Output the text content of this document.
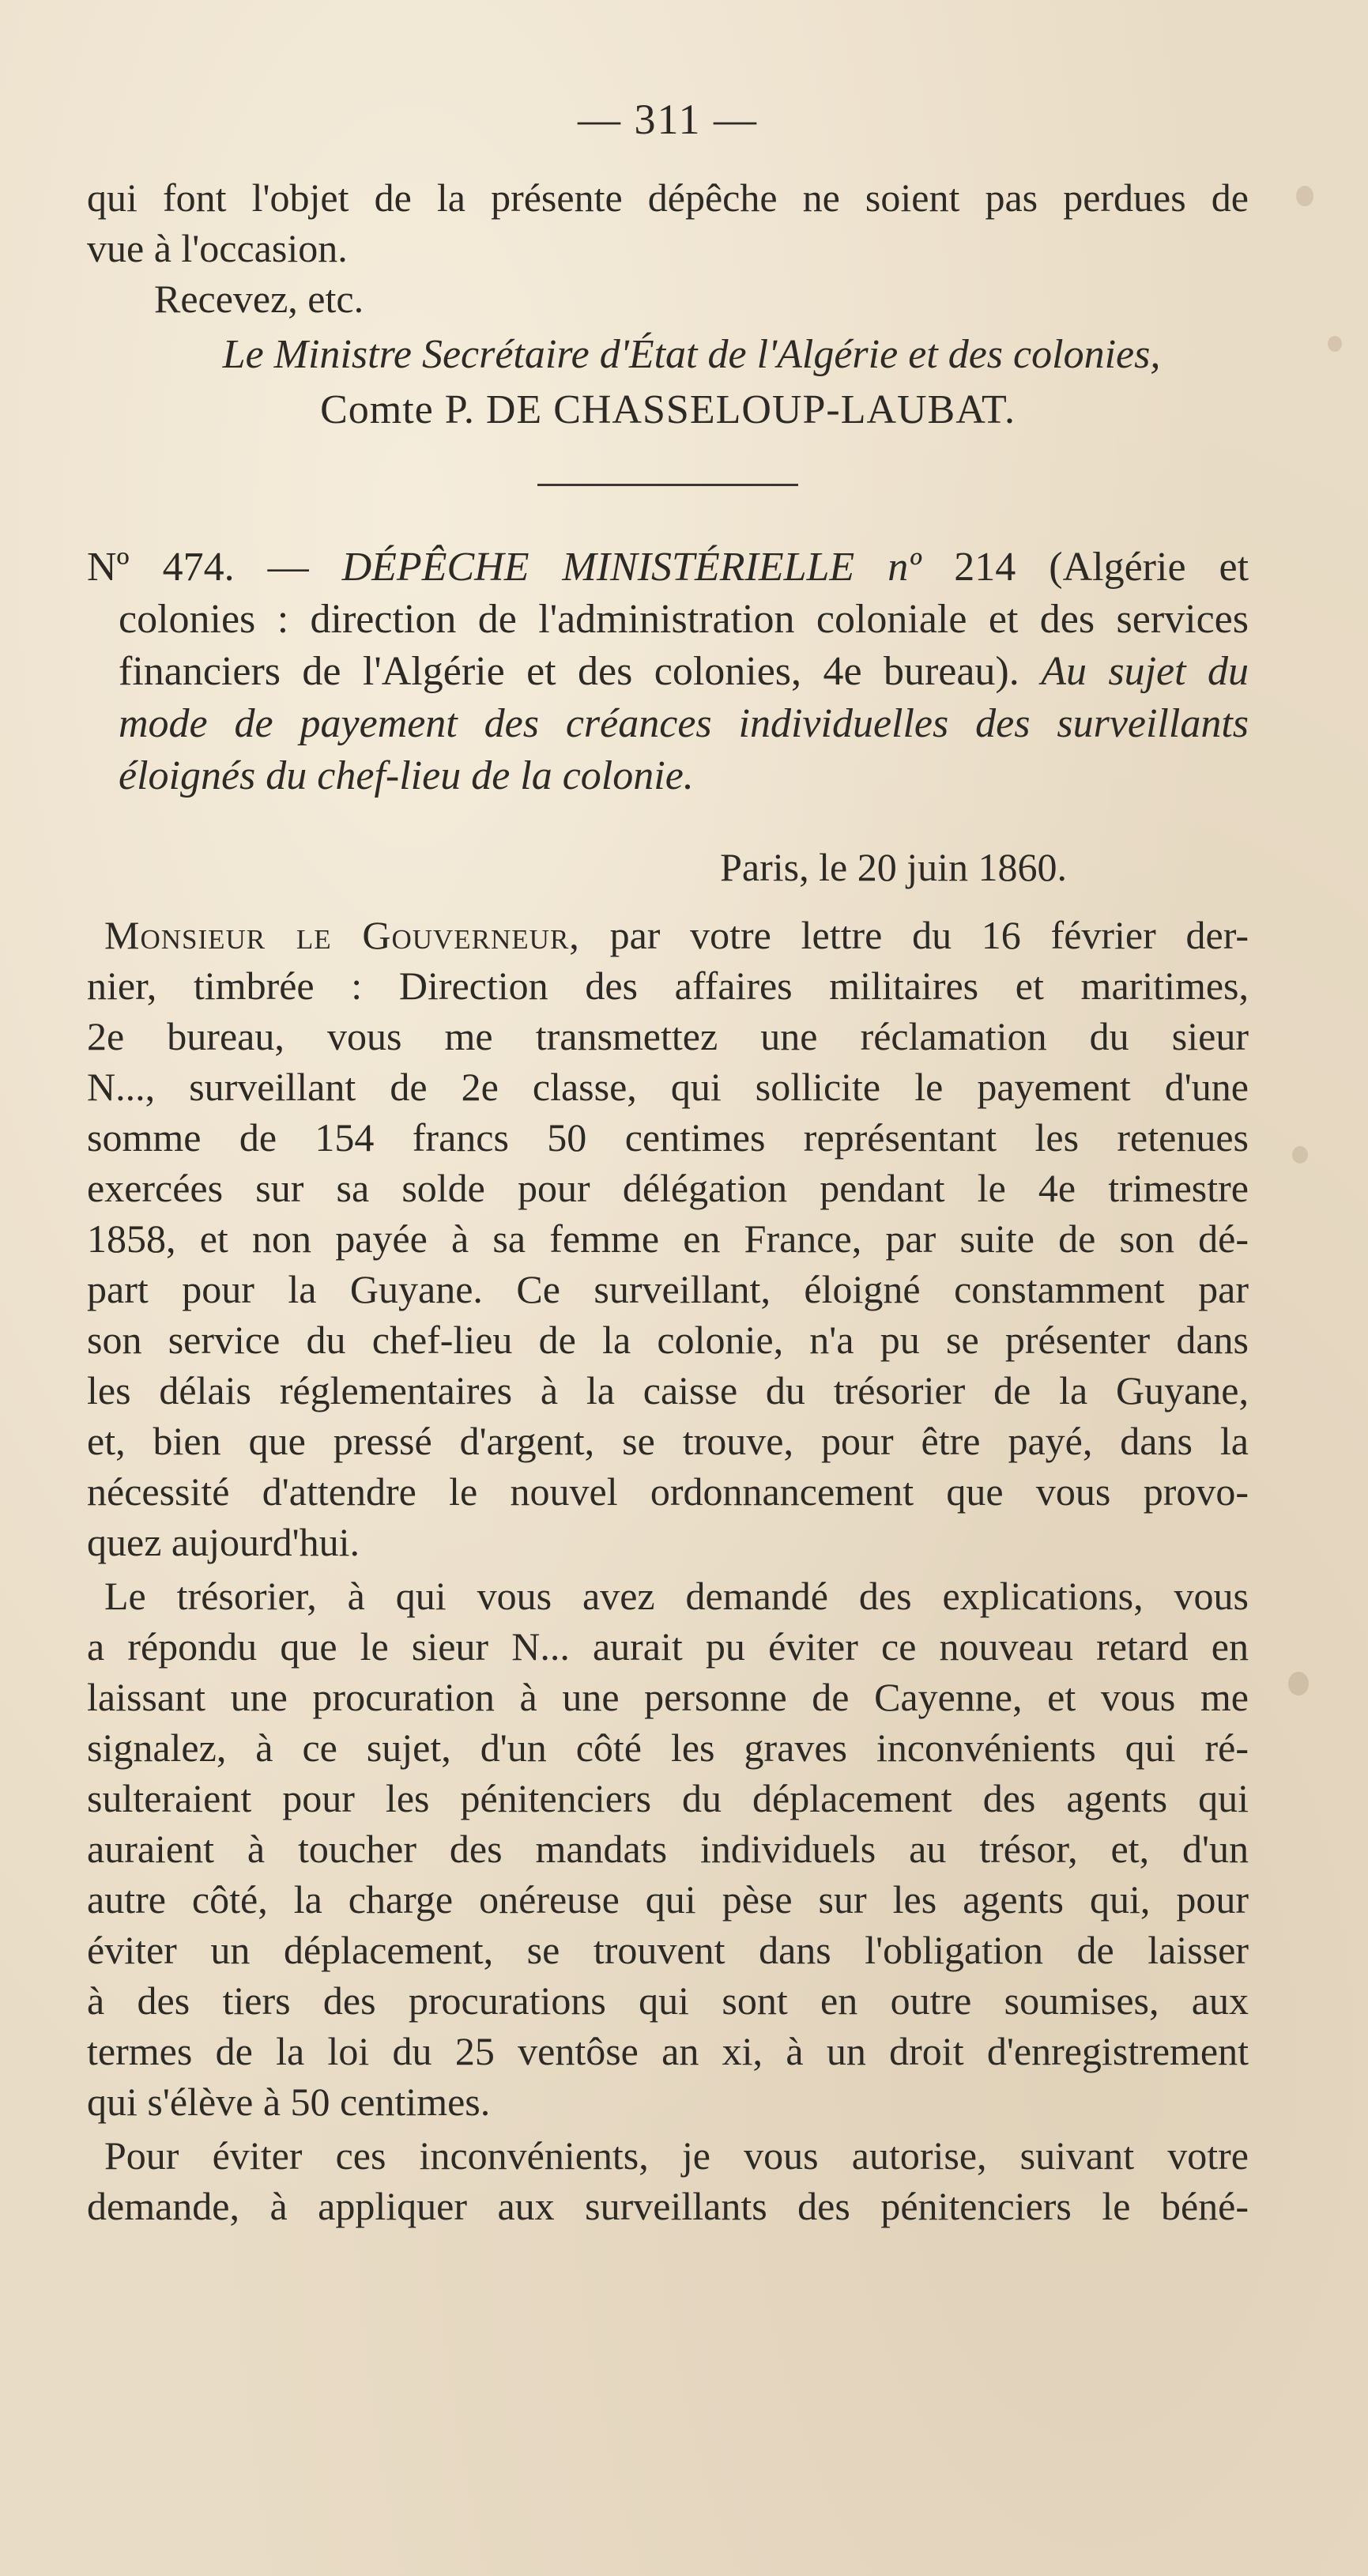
— 311 —
qui font l'objet de la présente dépêche ne soient pas perdues de
vue à l'occasion.
Recevez, etc.
Le Ministre Secrétaire d'État de l'Algérie et des colonies,
Comte P. DE CHASSELOUP-LAUBAT.
Nº 474. — DÉPÊCHE MINISTÉRIELLE nº 214 (Algérie et
colonies : direction de l'administration coloniale et des services
financiers de l'Algérie et des colonies, 4e bureau). Au sujet du
mode de payement des créances individuelles des surveillants
éloignés du chef-lieu de la colonie.
Paris, le 20 juin 1860.
Monsieur le Gouverneur, par votre lettre du 16 février der-
nier, timbrée : Direction des affaires militaires et maritimes,
2e bureau, vous me transmettez une réclamation du sieur
N..., surveillant de 2e classe, qui sollicite le payement d'une
somme de 154 francs 50 centimes représentant les retenues
exercées sur sa solde pour délégation pendant le 4e trimestre
1858, et non payée à sa femme en France, par suite de son dé-
part pour la Guyane. Ce surveillant, éloigné constamment par
son service du chef-lieu de la colonie, n'a pu se présenter dans
les délais réglementaires à la caisse du trésorier de la Guyane,
et, bien que pressé d'argent, se trouve, pour être payé, dans la
nécessité d'attendre le nouvel ordonnancement que vous provo-
quez aujourd'hui.
Le trésorier, à qui vous avez demandé des explications, vous
a répondu que le sieur N... aurait pu éviter ce nouveau retard en
laissant une procuration à une personne de Cayenne, et vous me
signalez, à ce sujet, d'un côté les graves inconvénients qui ré-
sulteraient pour les pénitenciers du déplacement des agents qui
auraient à toucher des mandats individuels au trésor, et, d'un
autre côté, la charge onéreuse qui pèse sur les agents qui, pour
éviter un déplacement, se trouvent dans l'obligation de laisser
à des tiers des procurations qui sont en outre soumises, aux
termes de la loi du 25 ventôse an xi, à un droit d'enregistrement
qui s'élève à 50 centimes.
Pour éviter ces inconvénients, je vous autorise, suivant votre
demande, à appliquer aux surveillants des pénitenciers le béné-
